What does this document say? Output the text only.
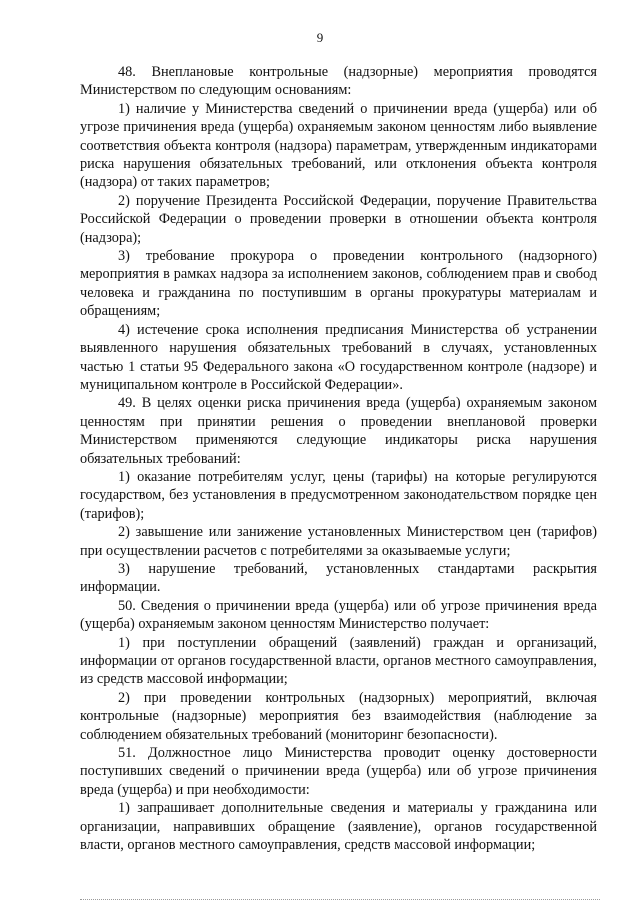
9

48. Внеплановые контрольные (надзорные) мероприятия проводятся Министерством по следующим основаниям:

1) наличие у Министерства сведений о причинении вреда (ущерба) или об угрозе причинения вреда (ущерба) охраняемым законом ценностям либо выявление соответствия объекта контроля (надзора) параметрам, утвержденным индикаторами риска нарушения обязательных требований, или отклонения объекта контроля (надзора) от таких параметров;

2) поручение Президента Российской Федерации, поручение Правительства Российской Федерации о проведении проверки в отношении объекта контроля (надзора);

3) требование прокурора о проведении контрольного (надзорного) мероприятия в рамках надзора за исполнением законов, соблюдением прав и свобод человека и гражданина по поступившим в органы прокуратуры материалам и обращениям;

4) истечение срока исполнения предписания Министерства об устранении выявленного нарушения обязательных требований в случаях, установленных частью 1 статьи 95 Федерального закона «О государственном контроле (надзоре) и муниципальном контроле в Российской Федерации».

49. В целях оценки риска причинения вреда (ущерба) охраняемым законом ценностям при принятии решения о проведении внеплановой проверки Министерством применяются следующие индикаторы риска нарушения обязательных требований:

1) оказание потребителям услуг, цены (тарифы) на которые регулируются государством, без установления в предусмотренном законодательством порядке цен (тарифов);

2) завышение или занижение установленных Министерством цен (тарифов) при осуществлении расчетов с потребителями за оказываемые услуги;

3) нарушение требований, установленных стандартами раскрытия информации.

50. Сведения о причинении вреда (ущерба) или об угрозе причинения вреда (ущерба) охраняемым законом ценностям Министерство получает:

1) при поступлении обращений (заявлений) граждан и организаций, информации от органов государственной власти, органов местного самоуправления, из средств массовой информации;

2) при проведении контрольных (надзорных) мероприятий, включая контрольные (надзорные) мероприятия без взаимодействия (наблюдение за соблюдением обязательных требований (мониторинг безопасности).

51. Должностное лицо Министерства проводит оценку достоверности поступивших сведений о причинении вреда (ущерба) или об угрозе причинения вреда (ущерба) и при необходимости:

1) запрашивает дополнительные сведения и материалы у гражданина или организации, направивших обращение (заявление), органов государственной власти, органов местного самоуправления, средств массовой информации;
